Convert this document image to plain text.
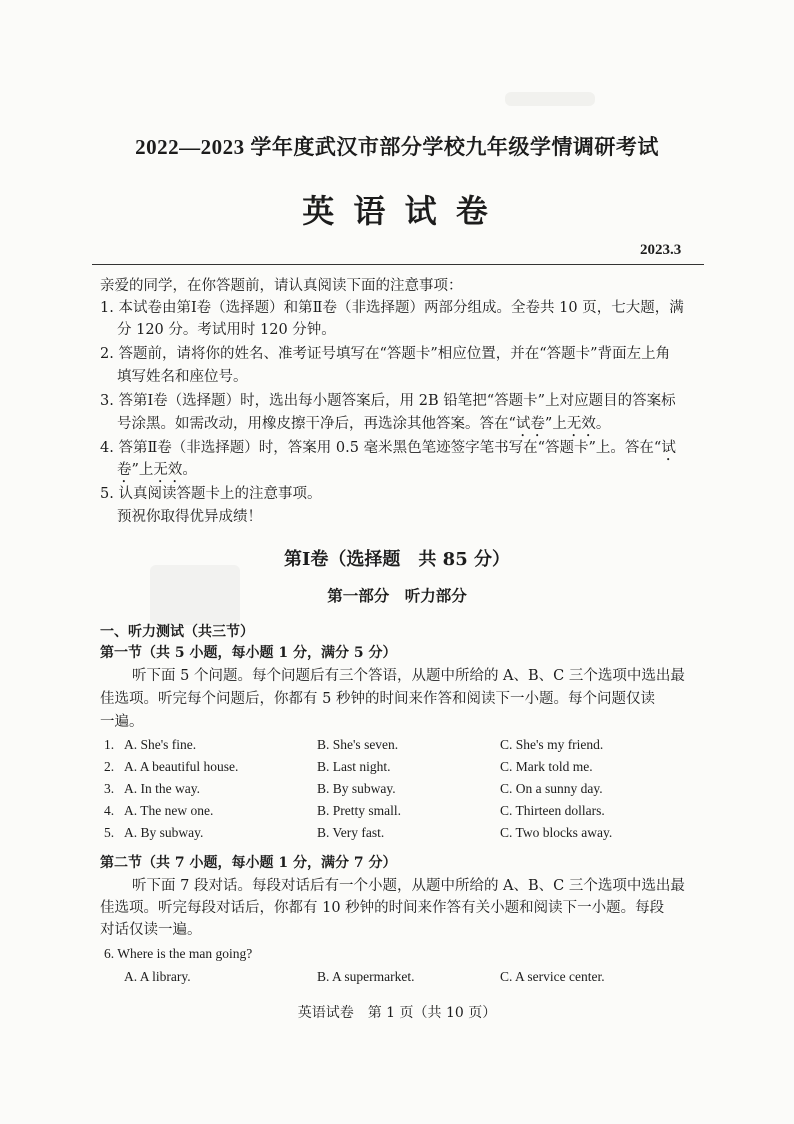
2022—2023 学年度武汉市部分学校九年级学情调研考试
英 语 试 卷
2023.3
亲爱的同学，在你答题前，请认真阅读下面的注意事项：
1. 本试卷由第Ⅰ卷（选择题）和第Ⅱ卷（非选择题）两部分组成。全卷共 10 页，七大题，满
分 120 分。考试用时 120 分钟。
2. 答题前，请将你的姓名、准考证号填写在“答题卡”相应位置，并在“答题卡”背面左上角
填写姓名和座位号。
3. 答第Ⅰ卷（选择题）时，选出每小题答案后，用 2B 铅笔把“答题卡”上对应题目的答案标
号涂黑。如需改动，用橡皮擦干净后，再选涂其他答案。答在“试卷”上无效。
4. 答第Ⅱ卷（非选择题）时，答案用 0.5 毫米黑色笔迹签字笔书写在“答题卡”上。答在“试
卷”上无效。
5. 认真阅读答题卡上的注意事项。
预祝你取得优异成绩！
第Ⅰ卷（选择题　共 85 分）
第一部分　听力部分
一、听力测试（共三节）
第一节（共 5 小题，每小题 1 分，满分 5 分）
听下面 5 个问题。每个问题后有三个答语，从题中所给的 A、B、C 三个选项中选出最
佳选项。听完每个问题后，你都有 5 秒钟的时间来作答和阅读下一小题。每个问题仅读
一遍。
1. A. She's fine.	B. She's seven.	C. She's my friend.
2. A. A beautiful house.	B. Last night.	C. Mark told me.
3. A. In the way.	B. By subway.	C. On a sunny day.
4. A. The new one.	B. Pretty small.	C. Thirteen dollars.
5. A. By subway.	B. Very fast.	C. Two blocks away.
第二节（共 7 小题，每小题 1 分，满分 7 分）
听下面 7 段对话。每段对话后有一个小题，从题中所给的 A、B、C 三个选项中选出最
佳选项。听完每段对话后，你都有 10 秒钟的时间来作答有关小题和阅读下一小题。每段
对话仅读一遍。
6. Where is the man going?
A. A library.	B. A supermarket.	C. A service center.
英语试卷　第 1 页（共 10 页）
